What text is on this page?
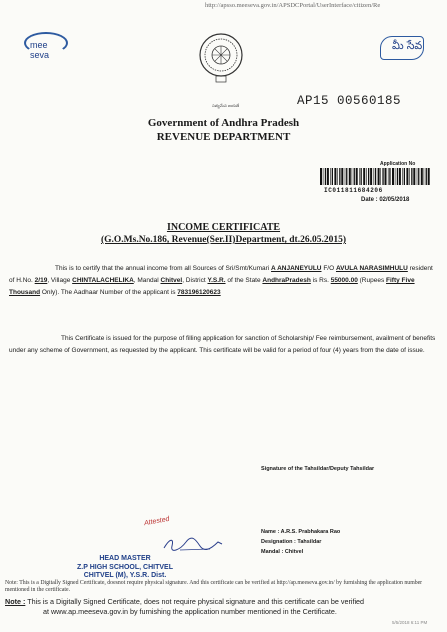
http://apsso.meeseva.gov.in/APSDCPortal/UserInterface/citizen/Re
mee seva
సత్యమేవ జయతే
మీ సేవ
AP15 00560185
Government of Andhra Pradesh
REVENUE DEPARTMENT
Application No
IC011811684206
Date : 02/05/2018
INCOME CERTIFICATE
(G.O.Ms.No.186, Revenue(Ser.II)Department, dt.26.05.2015)
This is to certify that the annual income from all Sources of Sri/Smt/Kumari A ANJANEYULU F/O AVULA NARASIMHULU resident of H.No. 2/19, Village CHINTALACHELIKA, Mandal Chitvel, District Y.S.R. of the State AndhraPradesh is Rs. 55000.00 (Rupees Fifty Five Thousand Only). The Aadhaar Number of the applicant is 783196120623
This Certificate is issued for the purpose of filling application for sanction of Scholarship/ Fee reimbursement, availment of benefits under any scheme of Government, as requested by the applicant. This certificate will be valid for a period of four (4) years from the date of issue.
Signature of the Tahsildar/Deputy Tahsildar
Name : A.R.S. Prabhakara Rao
Designation : Tahsildar
Mandal : Chitvel
Attested
HEAD MASTER
Z.P HIGH SCHOOL, CHITVEL
CHITVEL (M), Y.S.R. Dist.
Note: This is a Digitally Signed Certificate, doesnot require physical signature. And this certificate can be verified at http://ap.meeseva.gov.in/ by furnishing the application number mentioned in the certificate.
Note : This is a Digitally Signed Certificate, does not require physical signature and this certificate can be verified
at www.ap.meeseva.gov.in by furnishing the application number mentioned in the Certificate.
5/5/2018 6:11 PM
